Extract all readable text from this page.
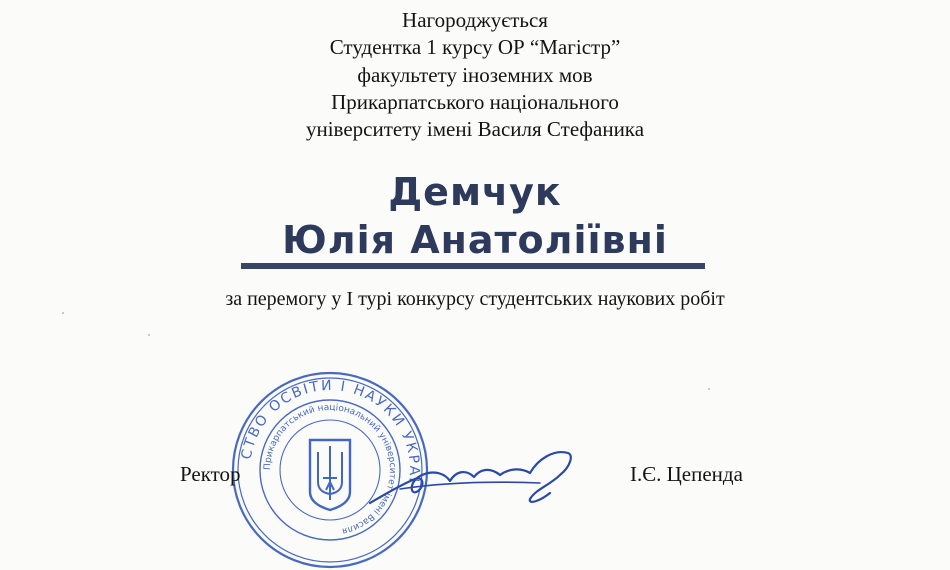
Нагороджується
Студентка 1 курсу ОР “Магістр”
факультету іноземних мов
Прикарпатського національного
університету імені Василя Стефаника
Демчук
Юлія Анатоліївні
за перемогу у І турі конкурсу студентських наукових робіт
СТВО ОСВІТИ І НАУКИ УКРАЇ
Прикарпатський національний університет імені Василя
Ректор	І.Є. Цепенда
